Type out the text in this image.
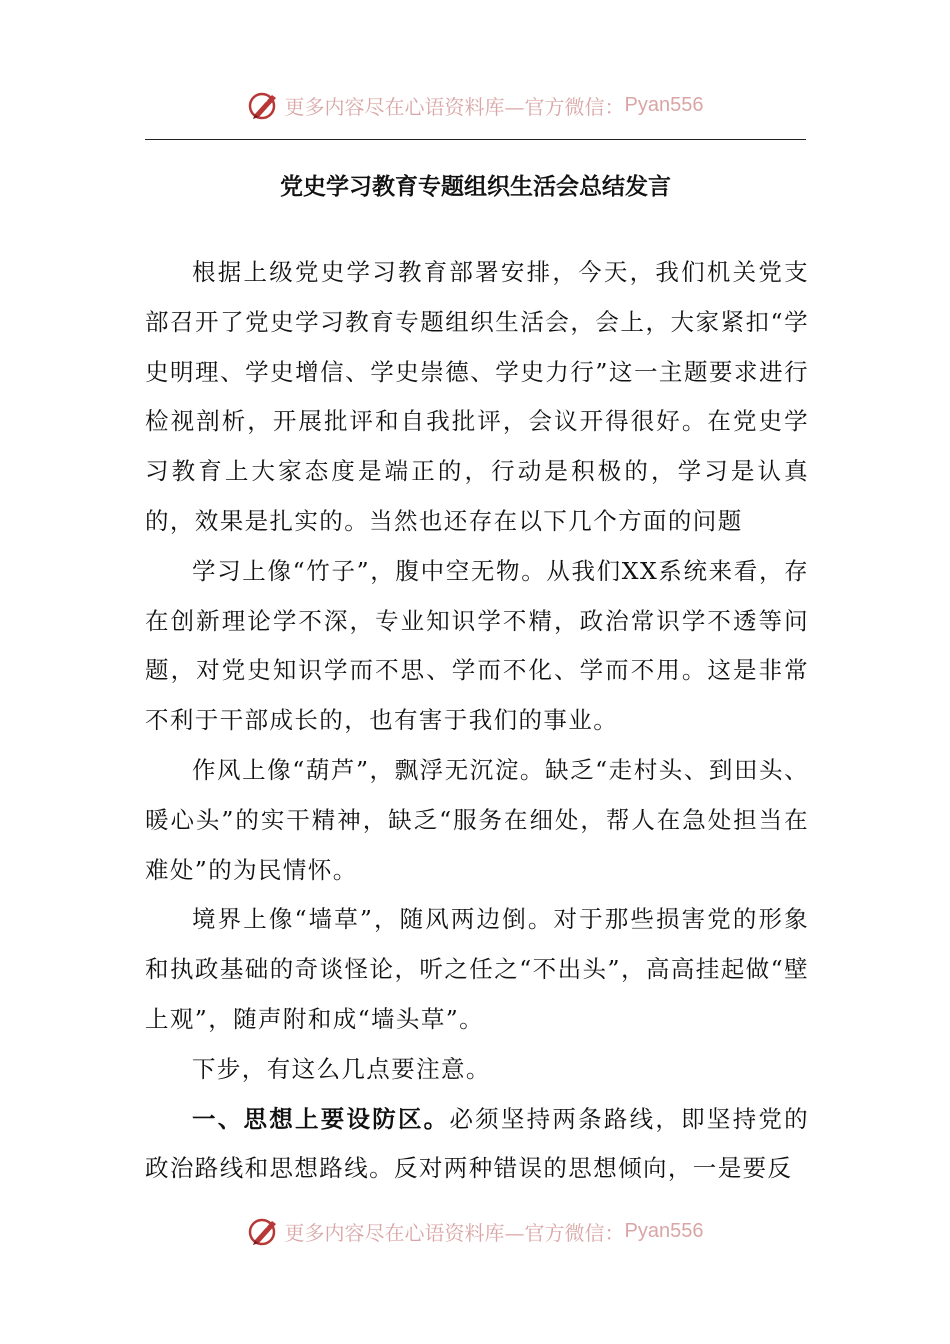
更多内容尽在心语资料库—官方微信： Pyan556
党史学习教育专题组织生活会总结发言

根据上级党史学习教育部署安排，今天，我们机关党支部召开了党史学习教育专题组织生活会，会上，大家紧扣“学史明理、学史增信、学史崇德、学史力行”这一主题要求进行检视剖析，开展批评和自我批评，会议开得很好。在党史学习教育上大家态度是端正的，行动是积极的，学习是认真的，效果是扎实的。当然也还存在以下几个方面的问题

学习上像“竹子”，腹中空无物。从我们XX系统来看，存在创新理论学不深，专业知识学不精，政治常识学不透等问题，对党史知识学而不思、学而不化、学而不用。这是非常不利于干部成长的，也有害于我们的事业。

作风上像“葫芦”，飘浮无沉淀。缺乏“走村头、到田头、暖心头”的实干精神，缺乏“服务在细处，帮人在急处担当在难处”的为民情怀。

境界上像“墙草”，随风两边倒。对于那些损害党的形象和执政基础的奇谈怪论，听之任之“不出头”，高高挂起做“壁上观”，随声附和成“墙头草”。

下步，有这么几点要注意。

一、思想上要设防区。必须坚持两条路线，即坚持党的政治路线和思想路线。反对两种错误的思想倾向，一是要反

更多内容尽在心语资料库—官方微信： Pyan556
